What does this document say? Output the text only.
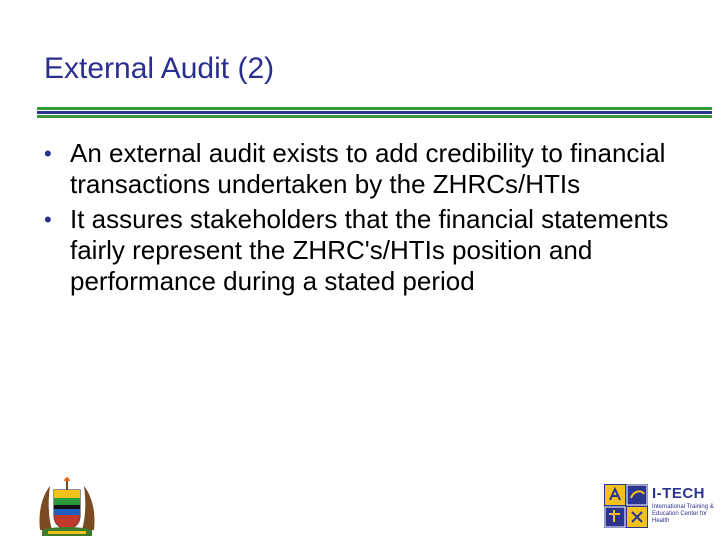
External Audit (2)
• An external audit exists to add credibility to financial transactions undertaken by the ZHRCs/HTIs
• It assures stakeholders that the financial statements fairly represent the ZHRC's/HTIs position and performance during a stated period
I-TECH
International Training & Education Center for Health
